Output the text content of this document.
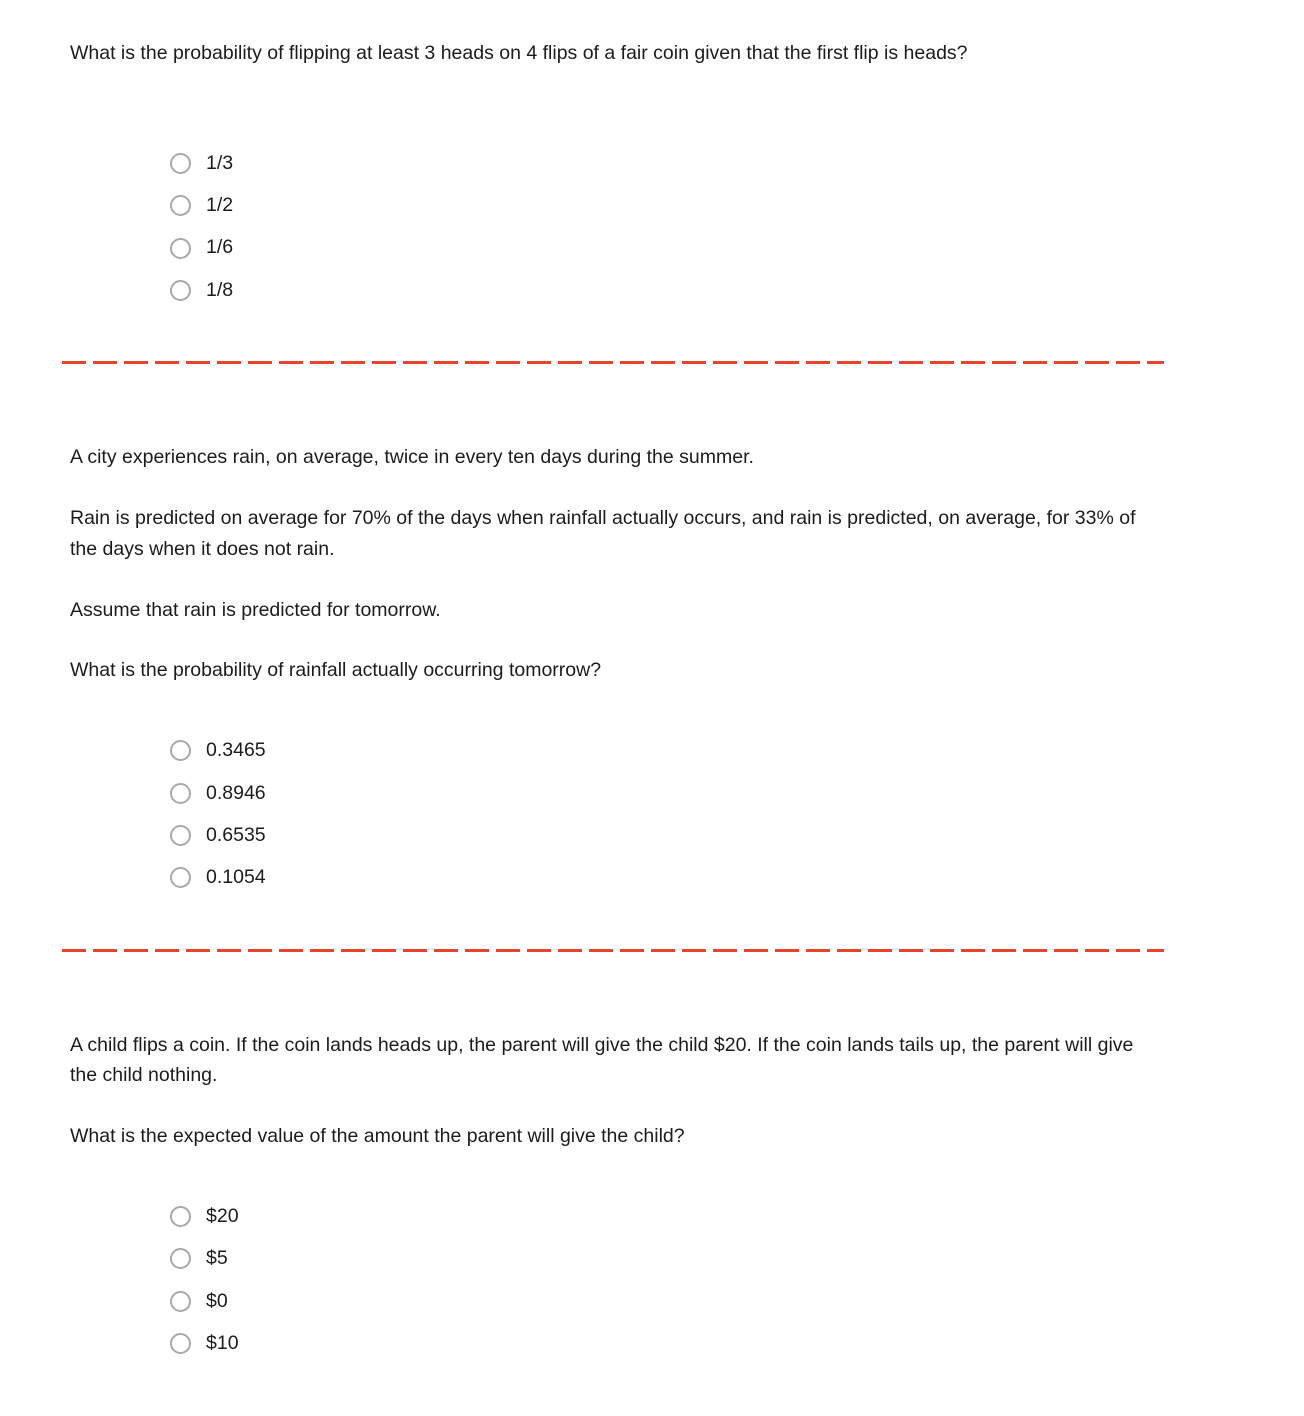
What is the probability of flipping at least 3 heads on 4 flips of a fair coin given that the first flip is heads?

1/3
1/2
1/6
1/8

A city experiences rain, on average, twice in every ten days during the summer.

Rain is predicted on average for 70% of the days when rainfall actually occurs, and rain is predicted, on average, for 33% of the days when it does not rain.

Assume that rain is predicted for tomorrow.

What is the probability of rainfall actually occurring tomorrow?

0.3465
0.8946
0.6535
0.1054

A child flips a coin. If the coin lands heads up, the parent will give the child $20. If the coin lands tails up, the parent will give the child nothing.

What is the expected value of the amount the parent will give the child?

$20
$5
$0
$10
